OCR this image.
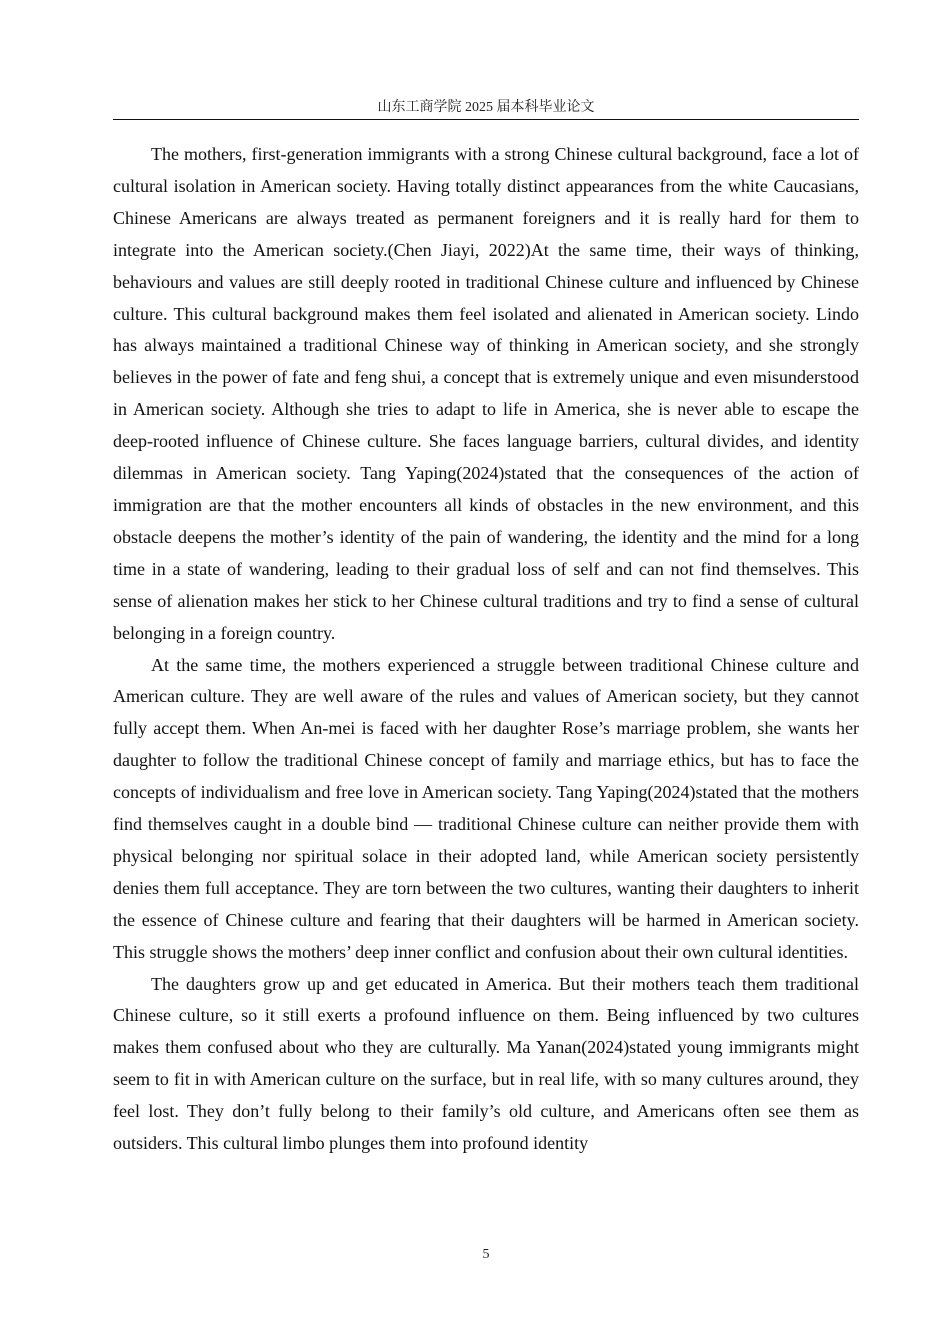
山东工商学院 2025 届本科毕业论文

The mothers, first-generation immigrants with a strong Chinese cultural background, face a lot of cultural isolation in American society. Having totally distinct appearances from the white Caucasians, Chinese Americans are always treated as permanent foreigners and it is really hard for them to integrate into the American society.(Chen Jiayi, 2022)At the same time, their ways of thinking, behaviours and values are still deeply rooted in traditional Chinese culture and influenced by Chinese culture. This cultural background makes them feel isolated and alienated in American society. Lindo has always maintained a traditional Chinese way of thinking in American society, and she strongly believes in the power of fate and feng shui, a concept that is extremely unique and even misunderstood in American society. Although she tries to adapt to life in America, she is never able to escape the deep-rooted influence of Chinese culture. She faces language barriers, cultural divides, and identity dilemmas in American society. Tang Yaping(2024)stated that the consequences of the action of immigration are that the mother encounters all kinds of obstacles in the new environment, and this obstacle deepens the mother’s identity of the pain of wandering, the identity and the mind for a long time in a state of wandering, leading to their gradual loss of self and can not find themselves. This sense of alienation makes her stick to her Chinese cultural traditions and try to find a sense of cultural belonging in a foreign country.

At the same time, the mothers experienced a struggle between traditional Chinese culture and American culture. They are well aware of the rules and values of American society, but they cannot fully accept them. When An-mei is faced with her daughter Rose’s marriage problem, she wants her daughter to follow the traditional Chinese concept of family and marriage ethics, but has to face the concepts of individualism and free love in American society. Tang Yaping(2024)stated that the mothers find themselves caught in a double bind — traditional Chinese culture can neither provide them with physical belonging nor spiritual solace in their adopted land, while American society persistently denies them full acceptance. They are torn between the two cultures, wanting their daughters to inherit the essence of Chinese culture and fearing that their daughters will be harmed in American society. This struggle shows the mothers’ deep inner conflict and confusion about their own cultural identities.

The daughters grow up and get educated in America. But their mothers teach them traditional Chinese culture, so it still exerts a profound influence on them. Being influenced by two cultures makes them confused about who they are culturally. Ma Yanan(2024)stated young immigrants might seem to fit in with American culture on the surface, but in real life, with so many cultures around, they feel lost. They don’t fully belong to their family’s old culture, and Americans often see them as outsiders. This cultural limbo plunges them into profound identity

5
